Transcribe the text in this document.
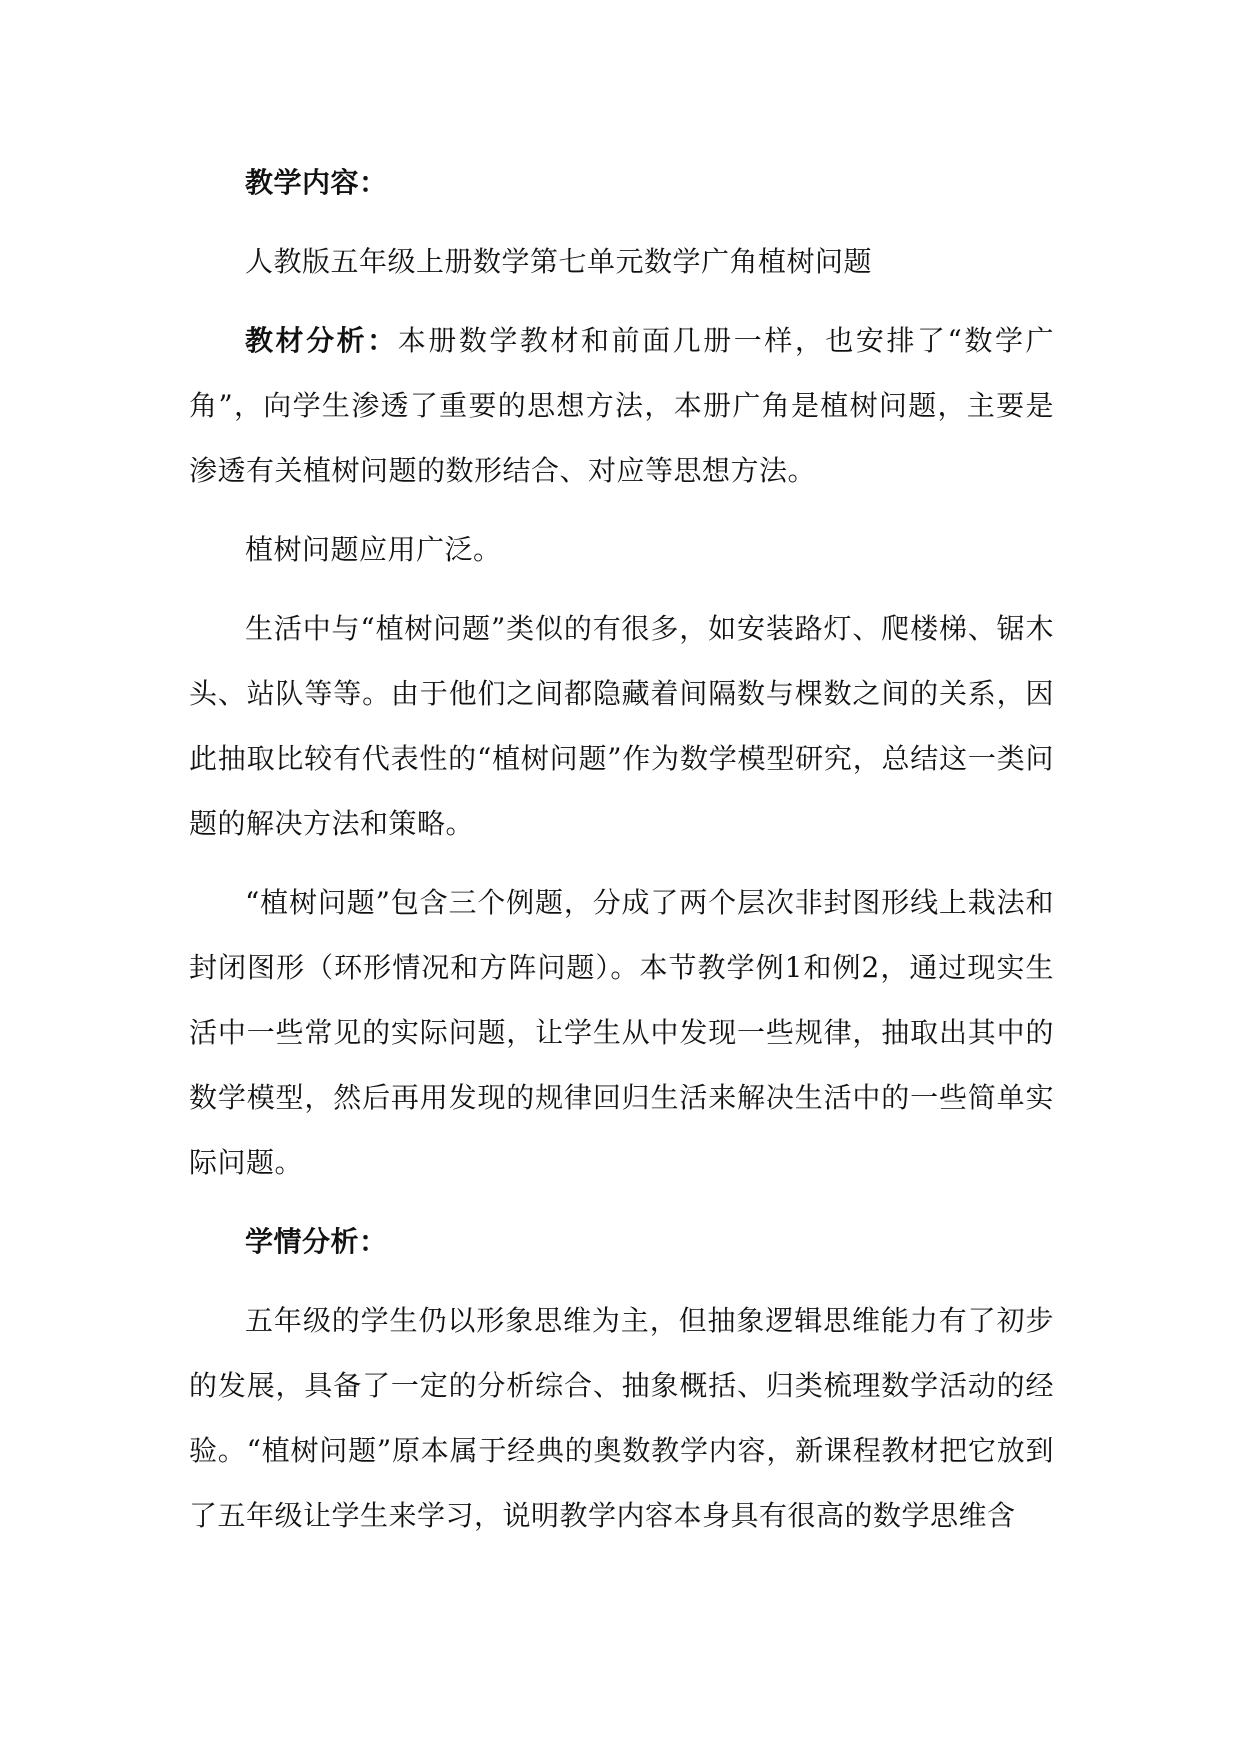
教学内容：

人教版五年级上册数学第七单元数学广角植树问题

教材分析：本册数学教材和前面几册一样，也安排了“数学广角”，向学生渗透了重要的思想方法，本册广角是植树问题，主要是渗透有关植树问题的数形结合、对应等思想方法。

植树问题应用广泛。

生活中与“植树问题”类似的有很多，如安装路灯、爬楼梯、锯木头、站队等等。由于他们之间都隐藏着间隔数与棵数之间的关系，因此抽取比较有代表性的“植树问题”作为数学模型研究，总结这一类问题的解决方法和策略。

“植树问题”包含三个例题，分成了两个层次非封图形线上栽法和封闭图形（环形情况和方阵问题）。本节教学例1和例2，通过现实生活中一些常见的实际问题，让学生从中发现一些规律，抽取出其中的数学模型，然后再用发现的规律回归生活来解决生活中的一些简单实际问题。

学情分析：

五年级的学生仍以形象思维为主，但抽象逻辑思维能力有了初步的发展，具备了一定的分析综合、抽象概括、归类梳理数学活动的经验。“植树问题”原本属于经典的奥数教学内容，新课程教材把它放到了五年级让学生来学习，说明教学内容本身具有很高的数学思维含
